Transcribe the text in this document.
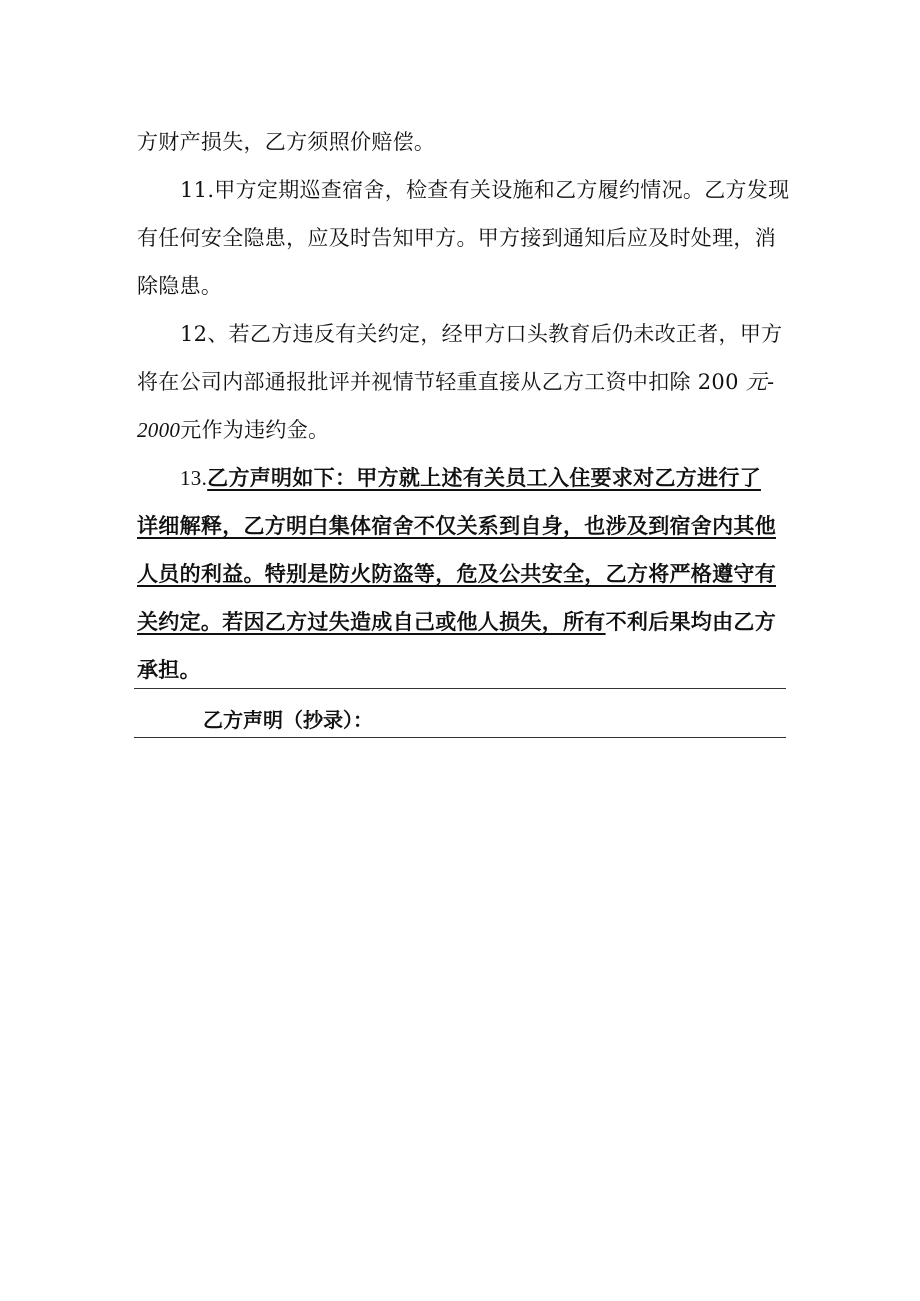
方财产损失，乙方须照价赔偿。
11.甲方定期巡查宿舍，检查有关设施和乙方履约情况。乙方发现
有任何安全隐患，应及时告知甲方。甲方接到通知后应及时处理，消
除隐患。
12、若乙方违反有关约定，经甲方口头教育后仍未改正者，甲方
将在公司内部通报批评并视情节轻重直接从乙方工资中扣除 200 元-
2000元作为违约金。
13.乙方声明如下：甲方就上述有关员工入住要求对乙方进行了
详细解释，乙方明白集体宿舍不仅关系到自身，也涉及到宿舍内其他
人员的利益。特别是防火防盗等，危及公共安全，乙方将严格遵守有
关约定。若因乙方过失造成自己或他人损失，所有不利后果均由乙方
承担。
乙方声明（抄录）：
